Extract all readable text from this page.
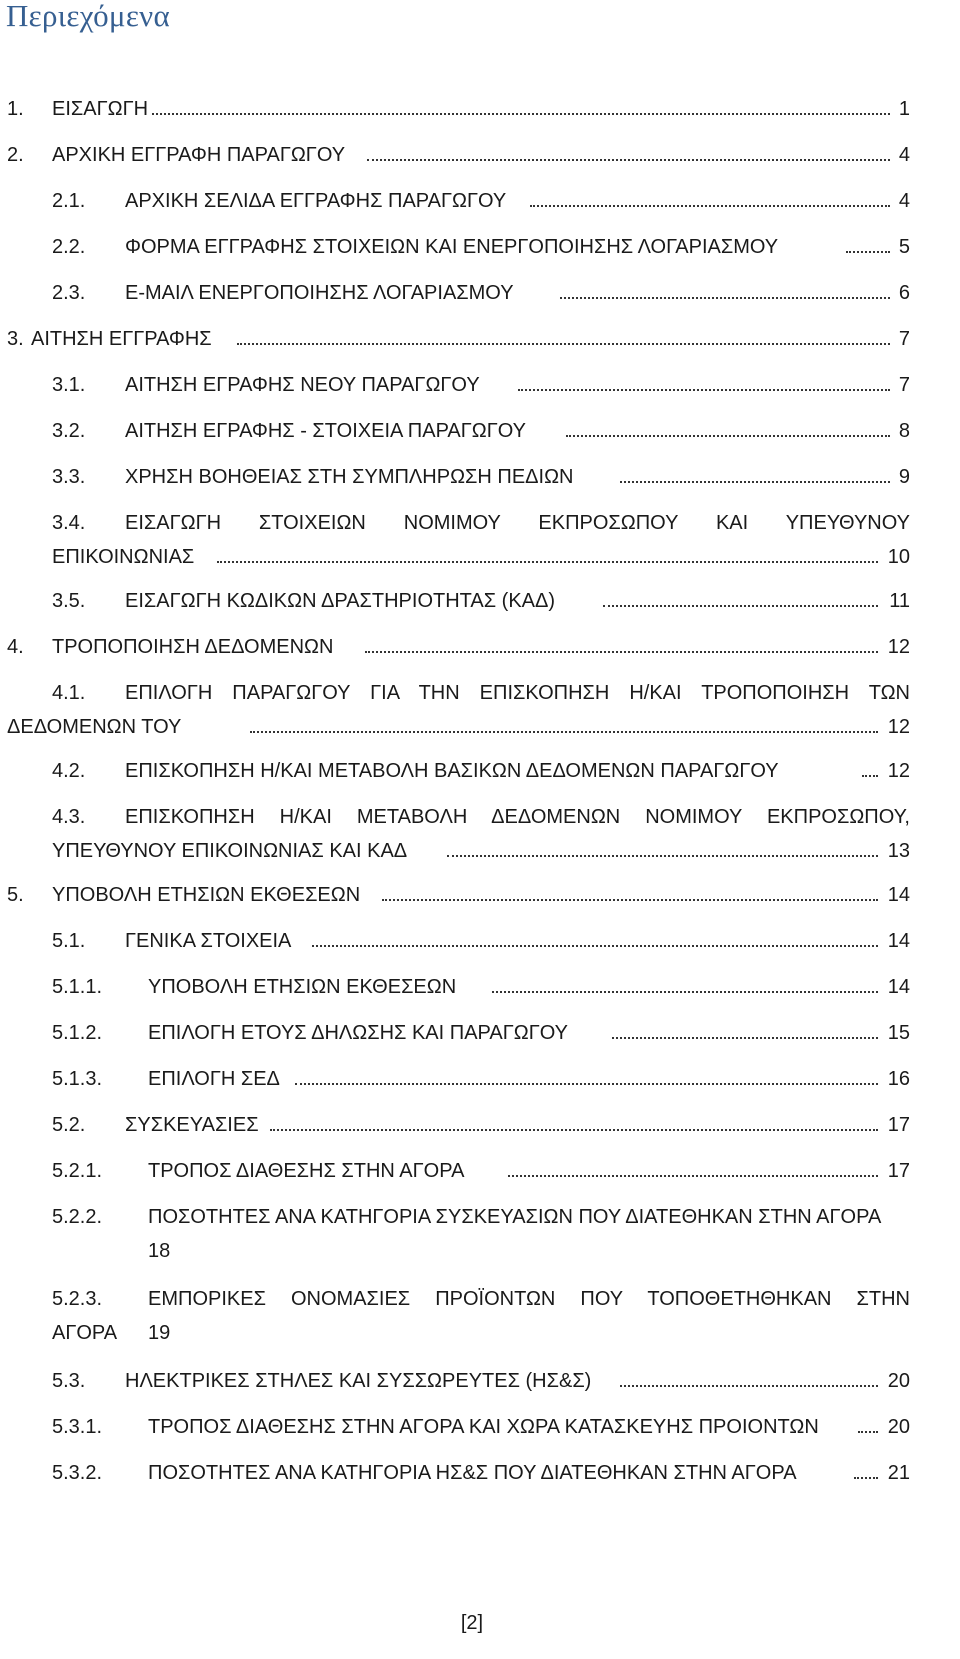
Περιεχόμενα
1. ΕΙΣΑΓΩΓΗ	1
2. ΑΡΧΙΚΗ ΕΓΓΡΑΦΗ ΠΑΡΑΓΩΓΟΥ	4
2.1. ΑΡΧΙΚΗ ΣΕΛΙΔΑ ΕΓΓΡΑΦΗΣ ΠΑΡΑΓΩΓΟΥ	4
2.2. ΦΟΡΜΑ ΕΓΓΡΑΦΗΣ ΣΤΟΙΧΕΙΩΝ ΚΑΙ ΕΝΕΡΓΟΠΟΙΗΣΗΣ ΛΟΓΑΡΙΑΣΜΟΥ	5
2.3. Ε-ΜΑΙΛ ΕΝΕΡΓΟΠΟΙΗΣΗΣ ΛΟΓΑΡΙΑΣΜΟΥ	6
3. ΑΙΤΗΣΗ ΕΓΓΡΑΦΗΣ	7
3.1. ΑΙΤΗΣΗ ΕΓΡΑΦΗΣ ΝΕΟΥ ΠΑΡΑΓΩΓΟΥ	7
3.2. ΑΙΤΗΣΗ ΕΓΡΑΦΗΣ - ΣΤΟΙΧΕΙΑ ΠΑΡΑΓΩΓΟΥ	8
3.3. ΧΡΗΣΗ ΒΟΗΘΕΙΑΣ ΣΤΗ ΣΥΜΠΛΗΡΩΣΗ ΠΕΔΙΩΝ	9
3.4. ΕΙΣΑΓΩΓΗ ΣΤΟΙΧΕΙΩΝ ΝΟΜΙΜΟΥ ΕΚΠΡΟΣΩΠΟΥ ΚΑΙ ΥΠΕΥΘΥΝΟΥ
ΕΠΙΚΟΙΝΩΝΙΑΣ	10
3.5. ΕΙΣΑΓΩΓΗ ΚΩΔΙΚΩΝ ΔΡΑΣΤΗΡΙΟΤΗΤΑΣ (ΚΑΔ)	11
4. ΤΡΟΠΟΠΟΙΗΣΗ ΔΕΔΟΜΕΝΩΝ	12
4.1. ΕΠΙΛΟΓΗ ΠΑΡΑΓΩΓΟΥ ΓΙΑ ΤΗΝ ΕΠΙΣΚΟΠΗΣΗ Η/ΚΑΙ ΤΡΟΠΟΠΟΙΗΣΗ ΤΩΝ
ΔΕΔΟΜΕΝΩΝ ΤΟΥ	12
4.2. ΕΠΙΣΚΟΠΗΣΗ Η/ΚΑΙ ΜΕΤΑΒΟΛΗ ΒΑΣΙΚΩΝ ΔΕΔΟΜΕΝΩΝ ΠΑΡΑΓΩΓΟΥ	12
4.3. ΕΠΙΣΚΟΠΗΣΗ Η/ΚΑΙ ΜΕΤΑΒΟΛΗ ΔΕΔΟΜΕΝΩΝ ΝΟΜΙΜΟΥ ΕΚΠΡΟΣΩΠΟΥ,
ΥΠΕΥΘΥΝΟΥ ΕΠΙΚΟΙΝΩΝΙΑΣ ΚΑΙ ΚΑΔ	13
5. ΥΠΟΒΟΛΗ ΕΤΗΣΙΩΝ ΕΚΘΕΣΕΩΝ	14
5.1. ΓΕΝΙΚΑ ΣΤΟΙΧΕΙΑ	14
5.1.1. ΥΠΟΒΟΛΗ ΕΤΗΣΙΩΝ ΕΚΘΕΣΕΩΝ	14
5.1.2. ΕΠΙΛΟΓΗ ΕΤΟΥΣ ΔΗΛΩΣΗΣ ΚΑΙ ΠΑΡΑΓΩΓΟΥ	15
5.1.3. ΕΠΙΛΟΓΗ ΣΕΔ	16
5.2. ΣΥΣΚΕΥΑΣΙΕΣ	17
5.2.1. ΤΡΟΠΟΣ ΔΙΑΘΕΣΗΣ ΣΤΗΝ ΑΓΟΡΑ	17
5.2.2. ΠΟΣΟΤΗΤΕΣ ΑΝΑ ΚΑΤΗΓΟΡΙΑ ΣΥΣΚΕΥΑΣΙΩΝ ΠΟΥ ΔΙΑΤΕΘΗΚΑΝ ΣΤΗΝ ΑΓΟΡΑ
18
5.2.3. ΕΜΠΟΡΙΚΕΣ ΟΝΟΜΑΣΙΕΣ ΠΡΟΪΟΝΤΩΝ ΠΟΥ ΤΟΠΟΘΕΤΗΘΗΚΑΝ ΣΤΗΝ
ΑΓΟΡΑ 19
5.3. ΗΛΕΚΤΡΙΚΕΣ ΣΤΗΛΕΣ ΚΑΙ ΣΥΣΣΩΡΕΥΤΕΣ (ΗΣ&Σ)	20
5.3.1. ΤΡΟΠΟΣ ΔΙΑΘΕΣΗΣ ΣΤΗΝ ΑΓΟΡΑ ΚΑΙ ΧΩΡΑ ΚΑΤΑΣΚΕΥΗΣ ΠΡΟΙΟΝΤΩΝ	20
5.3.2. ΠΟΣΟΤΗΤΕΣ ΑΝΑ ΚΑΤΗΓΟΡΙΑ ΗΣ&Σ ΠΟΥ ΔΙΑΤΕΘΗΚΑΝ ΣΤΗΝ ΑΓΟΡΑ	21
[2]
